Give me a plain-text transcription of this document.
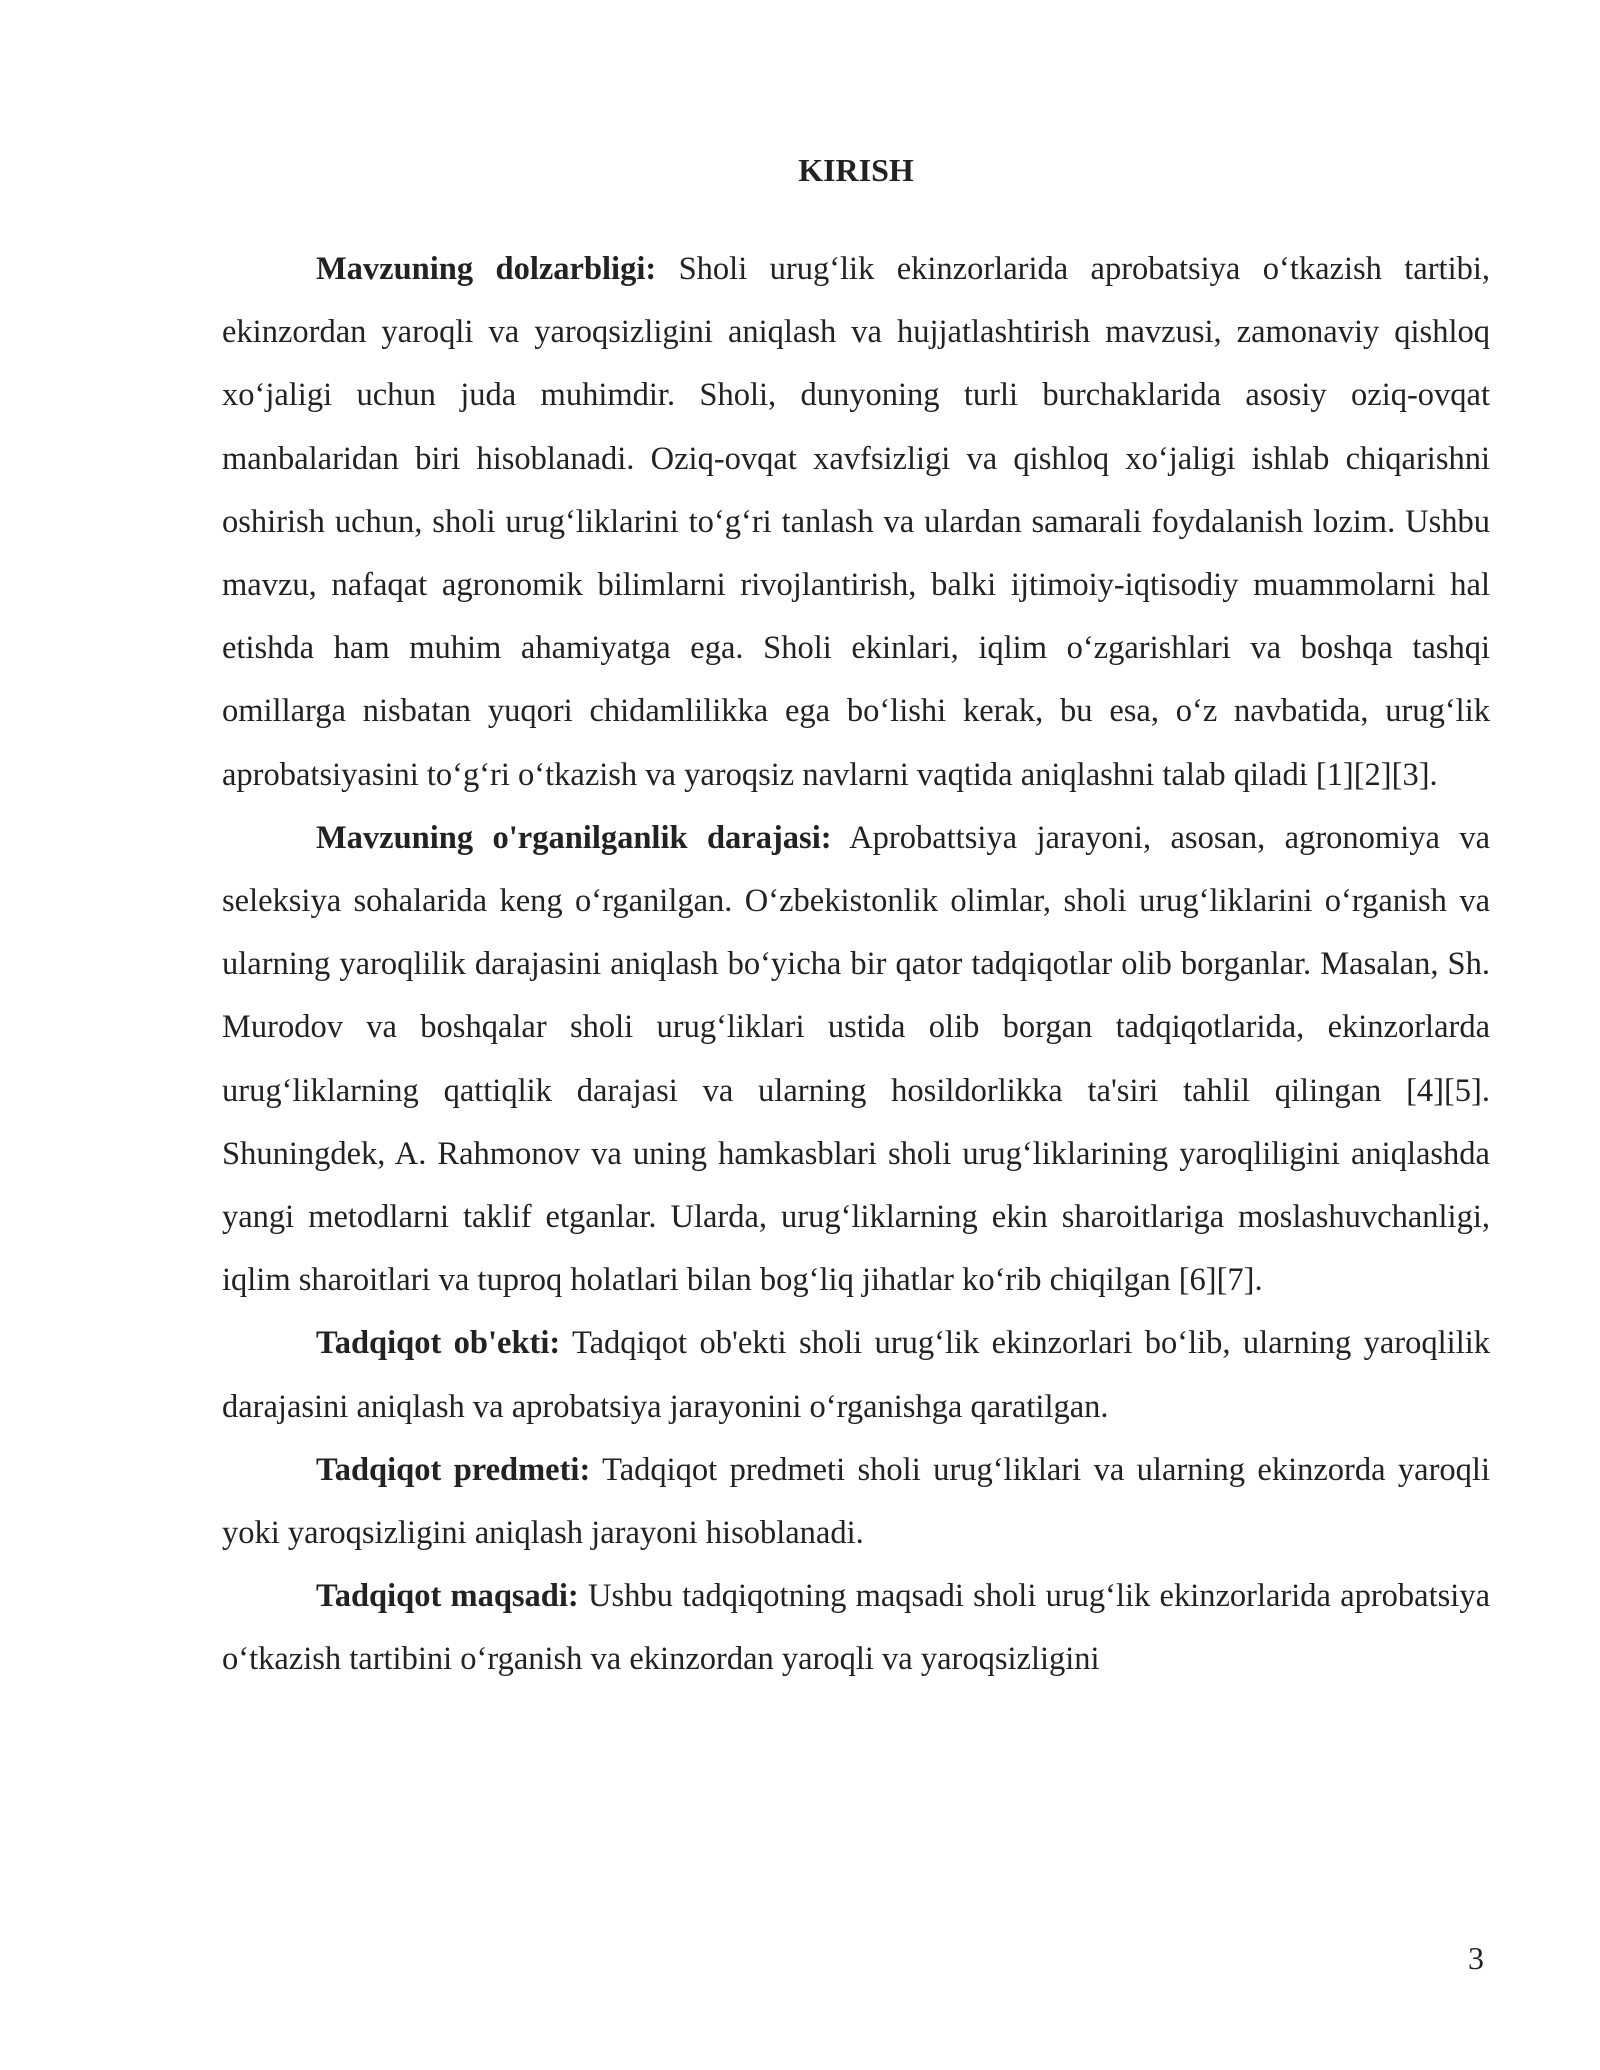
KIRISH

Mavzuning dolzarbligi: Sholi urug‘lik ekinzorlarida aprobatsiya o‘tkazish tartibi, ekinzordan yaroqli va yaroqsizligini aniqlash va hujjatlashtirish mavzusi, zamonaviy qishloq xo‘jaligi uchun juda muhimdir. Sholi, dunyoning turli burchaklarida asosiy oziq-ovqat manbalaridan biri hisoblanadi. Oziq-ovqat xavfsizligi va qishloq xo‘jaligi ishlab chiqarishni oshirish uchun, sholi urug‘liklarini to‘g‘ri tanlash va ulardan samarali foydalanish lozim. Ushbu mavzu, nafaqat agronomik bilimlarni rivojlantirish, balki ijtimoiy-iqtisodiy muammolarni hal etishda ham muhim ahamiyatga ega. Sholi ekinlari, iqlim o‘zgarishlari va boshqa tashqi omillarga nisbatan yuqori chidamlilikka ega bo‘lishi kerak, bu esa, o‘z navbatida, urug‘lik aprobatsiyasini to‘g‘ri o‘tkazish va yaroqsiz navlarni vaqtida aniqlashni talab qiladi [1][2][3].

Mavzuning o'rganilganlik darajasi: Aprobattsiya jarayoni, asosan, agronomiya va seleksiya sohalarida keng o‘rganilgan. O‘zbekistonlik olimlar, sholi urug‘liklarini o‘rganish va ularning yaroqlilik darajasini aniqlash bo‘yicha bir qator tadqiqotlar olib borganlar. Masalan, Sh. Murodov va boshqalar sholi urug‘liklari ustida olib borgan tadqiqotlarida, ekinzorlarda urug‘liklarning qattiqlik darajasi va ularning hosildorlikka ta'siri tahlil qilingan [4][5]. Shuningdek, A. Rahmonov va uning hamkasblari sholi urug‘liklarining yaroqliligini aniqlashda yangi metodlarni taklif etganlar. Ularda, urug‘liklarning ekin sharoitlariga moslashuvchanligi, iqlim sharoitlari va tuproq holatlari bilan bog‘liq jihatlar ko‘rib chiqilgan [6][7].

Tadqiqot ob'ekti: Tadqiqot ob'ekti sholi urug‘lik ekinzorlari bo‘lib, ularning yaroqlilik darajasini aniqlash va aprobatsiya jarayonini o‘rganishga qaratilgan.

Tadqiqot predmeti: Tadqiqot predmeti sholi urug‘liklari va ularning ekinzorda yaroqli yoki yaroqsizligini aniqlash jarayoni hisoblanadi.

Tadqiqot maqsadi: Ushbu tadqiqotning maqsadi sholi urug‘lik ekinzorlarida aprobatsiya o‘tkazish tartibini o‘rganish va ekinzordan yaroqli va yaroqsizligini

3
